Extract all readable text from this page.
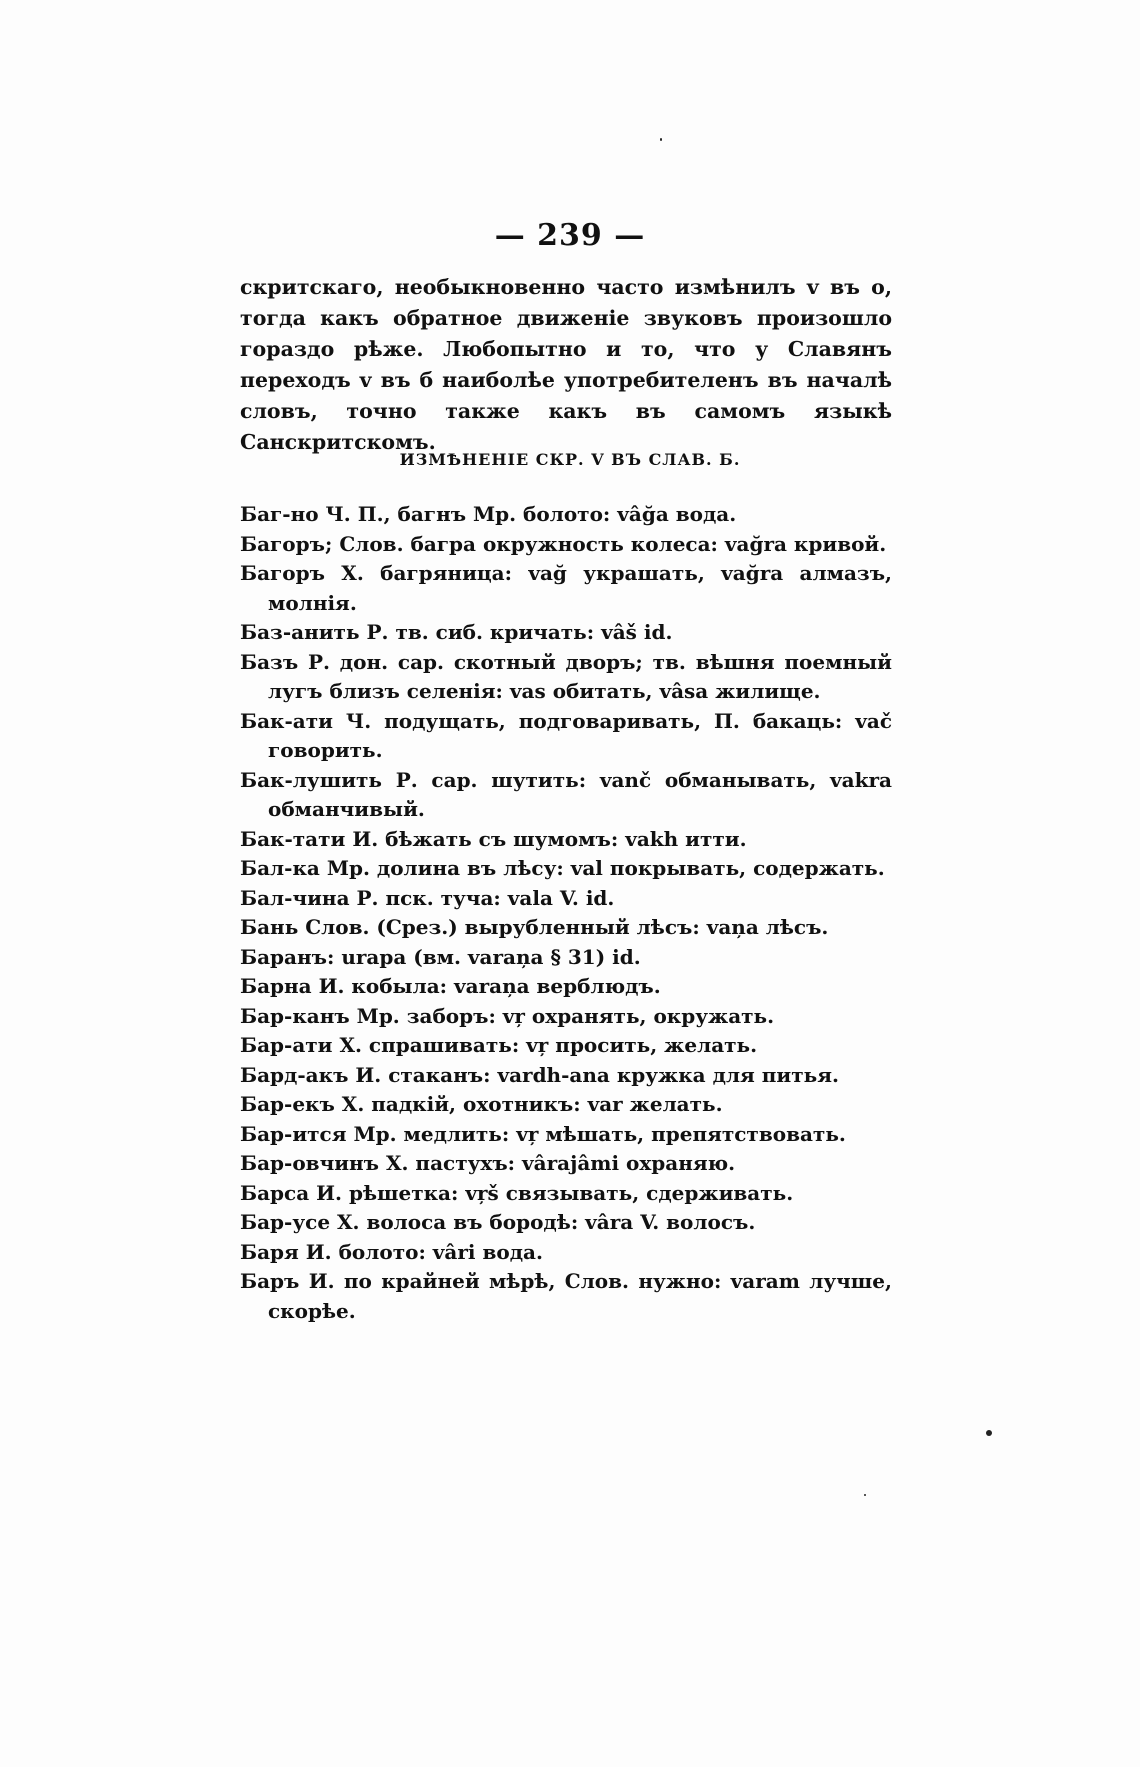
— 239 —
скритскаго, необыкновенно часто измѣнилъ v въ о, тогда какъ обратное движеніе звуковъ произошло гораздо рѣже. Любопытно и то, что у Славянъ переходъ v въ б наиболѣе употребителенъ въ началѣ словъ, точно также какъ въ самомъ языкѣ Санскритскомъ.
ИЗМѢНЕНІЕ СКР. V ВЪ СЛАВ. Б.
Баг-но Ч. П., багнъ Мр. болото: vâğa вода.
Багоръ; Слов. багра окружность колеса: vağra кривой.
Багоръ Х. багряница: vağ украшать, vağra алмазъ, молнія.
Баз-анить Р. тв. сиб. кричать: vâš id.
Базъ Р. дон. сар. скотный дворъ; тв. вѣшня поемный лугъ близъ селенія: vas обитать, vâsa жилище.
Бак-ати Ч. подущать, подговаривать, П. бакаць: vač говорить.
Бак-лушить Р. сар. шутить: vanč обманывать, vakra обманчивый.
Бак-тати И. бѣжать съ шумомъ: vakh итти.
Бал-ка Мр. долина въ лѣсу: val покрывать, содержать.
Бал-чина Р. пск. туча: vala V. id.
Бань Слов. (Срез.) вырубленный лѣсъ: vaņa лѣсъ.
Баранъ: urapa (вм. varaņa § 31) id.
Барна И. кобыла: varaņa верблюдъ.
Бар-канъ Мр. заборъ: vŗ охранять, окружать.
Бар-ати Х. спрашивать: vŗ просить, желать.
Бард-акъ И. стаканъ: vardh-ana кружка для питья.
Бар-екъ Х. падкій, охотникъ: var желать.
Бар-ится Мр. медлить: vŗ мѣшать, препятствовать.
Бар-овчинъ Х. пастухъ: vârajâmi охраняю.
Барса И. рѣшетка: vŗš связывать, сдерживать.
Бар-усе Х. волоса въ бородѣ: vâra V. волосъ.
Баря И. болото: vâri вода.
Баръ И. по крайней мѣрѣ, Слов. нужно: varam лучше, скорѣе.
